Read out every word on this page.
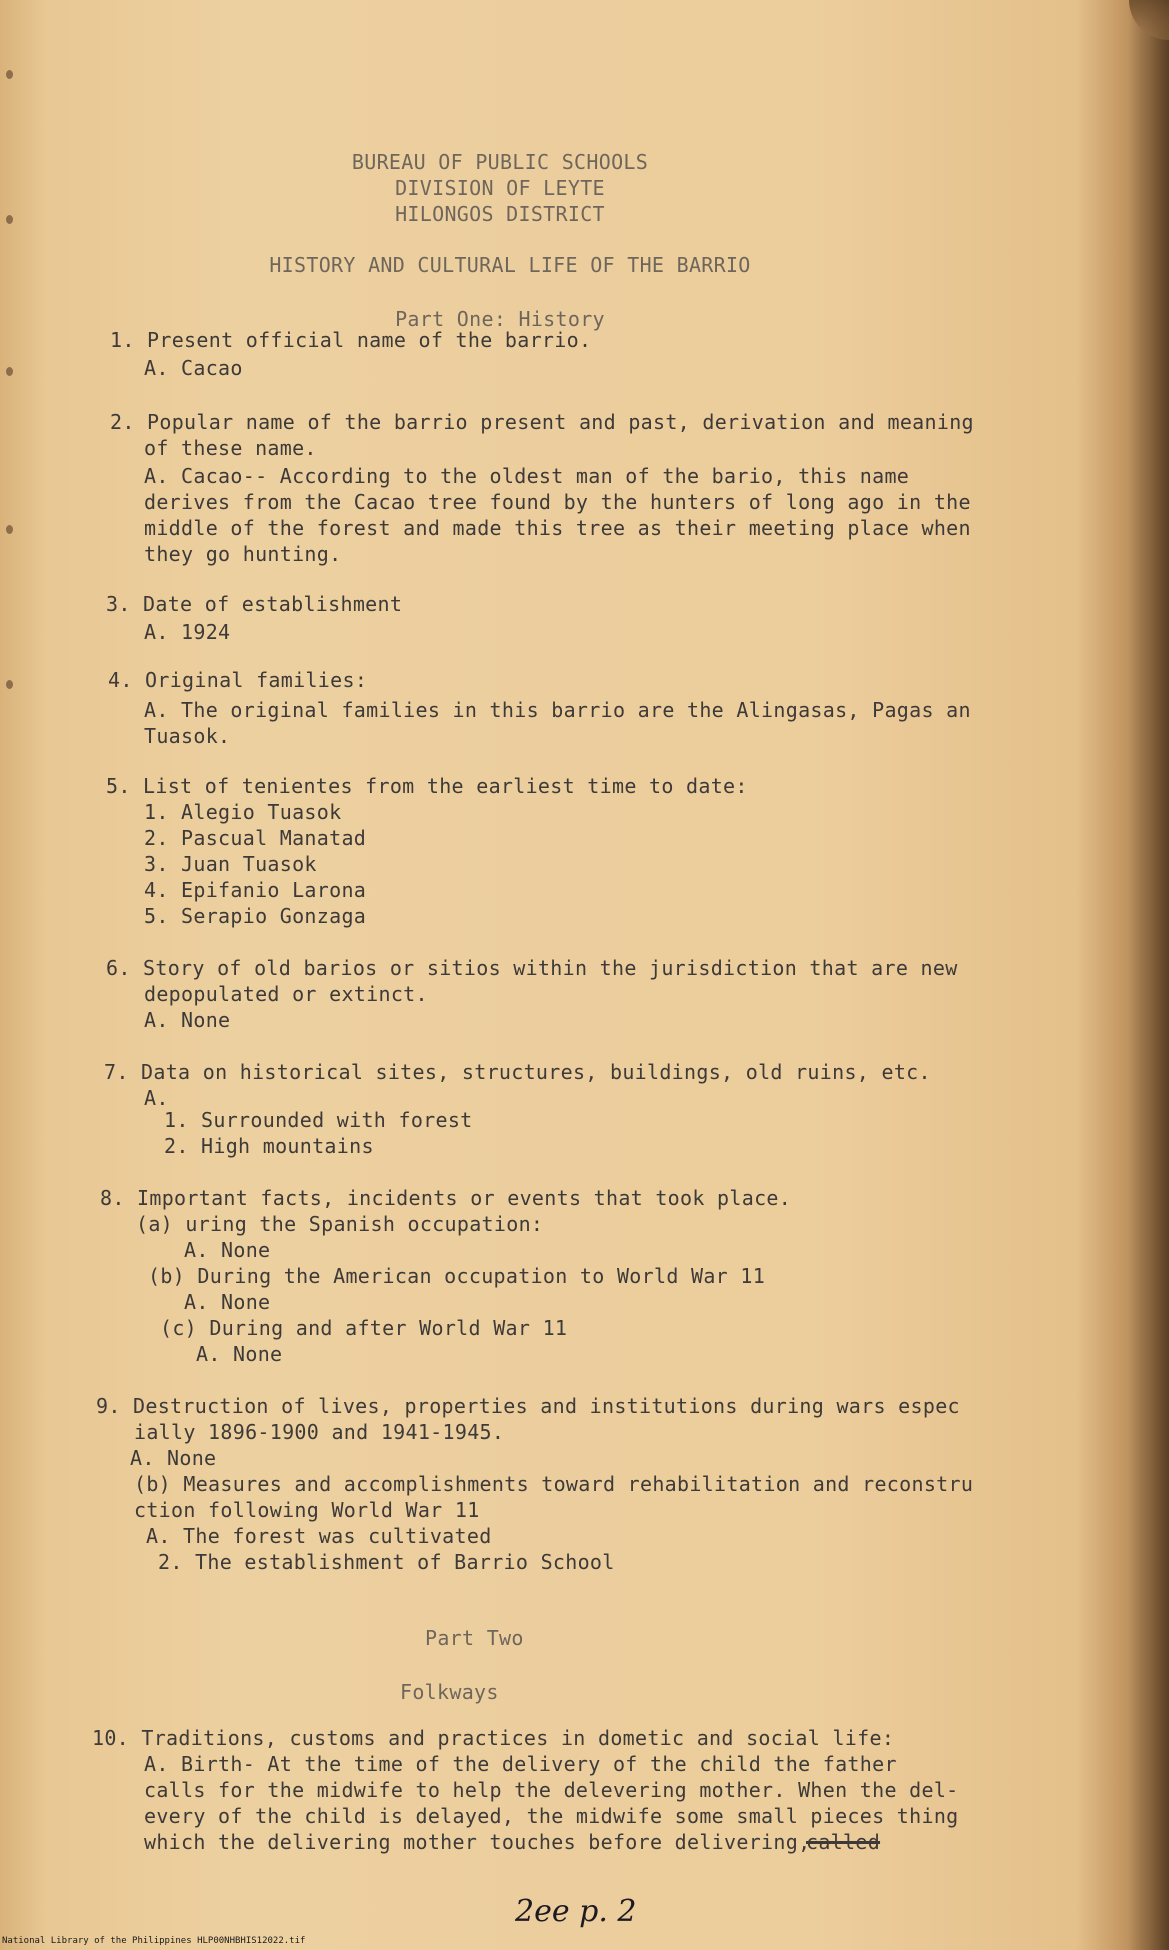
BUREAU OF PUBLIC SCHOOLS
DIVISION OF LEYTE
HILONGOS DISTRICT
HISTORY AND CULTURAL LIFE OF THE BARRIO
Part One: History
1. Present official name of the barrio.
A. Cacao
2. Popular name of the barrio present and past, derivation and meaning
of these name.
A. Cacao-- According to the oldest man of the bario, this name
derives from the Cacao tree found by the hunters of long ago in the
middle of the forest and made this tree as their meeting place when
they go hunting.
3. Date of establishment
A. 1924
4. Original families:
A. The original families in this barrio are the Alingasas, Pagas an
Tuasok.
5. List of tenientes from the earliest time to date:
1. Alegio Tuasok
2. Pascual Manatad
3. Juan Tuasok
4. Epifanio Larona
5. Serapio Gonzaga
6. Story of old barios or sitios within the jurisdiction that are new
depopulated or extinct.
A. None
7. Data on historical sites, structures, buildings, old ruins, etc.
A.
1. Surrounded with forest
2. High mountains
8. Important facts, incidents or events that took place.
(a) uring the Spanish occupation:
A. None
(b) During the American occupation to World War 11
A. None
(c) During and after World War 11
A. None
9. Destruction of lives, properties and institutions during wars espec
ially 1896-1900 and 1941-1945.
A. None
(b) Measures and accomplishments toward rehabilitation and reconstru
ction following World War 11
A. The forest was cultivated
2. The establishment of Barrio School
Part Two
Folkways
10. Traditions, customs and practices in dometic and social life:
A. Birth- At the time of the delivery of the child the father
calls for the midwife to help the delevering mother. When the del-
every of the child is delayed, the midwife some small pieces thing
which the delivering mother touches before delivering,
called
2ee p. 2
National Library of the Philippines HLP00NHBHIS12022.tif
